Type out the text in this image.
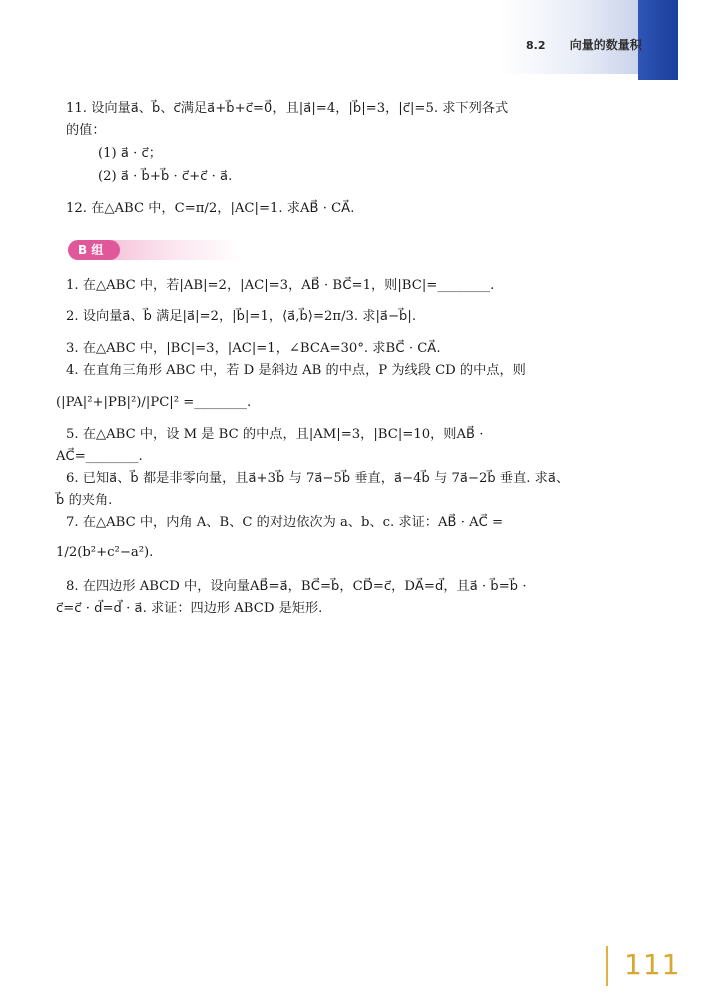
8.2 向量的数量积
11. 设向量a⃗、b⃗、c⃗满足a⃗+b⃗+c⃗=0⃗，且|a⃗|=4，|b⃗|=3，|c⃗|=5. 求下列各式
的值：
(1) a⃗ · c⃗；
(2) a⃗ · b⃗+b⃗ · c⃗+c⃗ · a⃗.
12. 在△ABC 中，C=π/2，|AC|=1. 求AB⃗ · CA⃗.
1. 在△ABC 中，若|AB|=2，|AC|=3，AB⃗ · BC⃗=1，则|BC|=________.
2. 设向量a⃗、b⃗ 满足|a⃗|=2，|b⃗|=1，⟨a⃗,b⃗⟩=2π/3. 求|a⃗−b⃗|.
3. 在△ABC 中，|BC|=3，|AC|=1，∠BCA=30°. 求BC⃗ · CA⃗.
4. 在直角三角形 ABC 中，若 D 是斜边 AB 的中点，P 为线段 CD 的中点，则
(|PA|²+|PB|²)/|PC|² =________.
5. 在△ABC 中，设 M 是 BC 的中点，且|AM|=3，|BC|=10，则AB⃗ ·
AC⃗=________.
6. 已知a⃗、b⃗ 都是非零向量，且a⃗+3b⃗ 与 7a⃗−5b⃗ 垂直，a⃗−4b⃗ 与 7a⃗−2b⃗ 垂直. 求a⃗、
b⃗ 的夹角.
7. 在△ABC 中，内角 A、B、C 的对边依次为 a、b、c. 求证：AB⃗ · AC⃗ =
1/2(b²+c²−a²).
8. 在四边形 ABCD 中，设向量AB⃗=a⃗，BC⃗=b⃗，CD⃗=c⃗，DA⃗=d⃗，且a⃗ · b⃗=b⃗ ·
c⃗=c⃗ · d⃗=d⃗ · a⃗. 求证：四边形 ABCD 是矩形.
B 组
111
